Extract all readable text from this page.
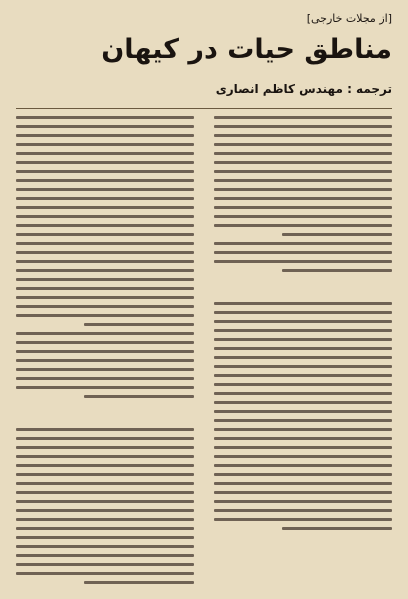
[از مجلات خارجی]
مناطق حیات در کیهان
ترجمه : مهندس کاظم انصاری
